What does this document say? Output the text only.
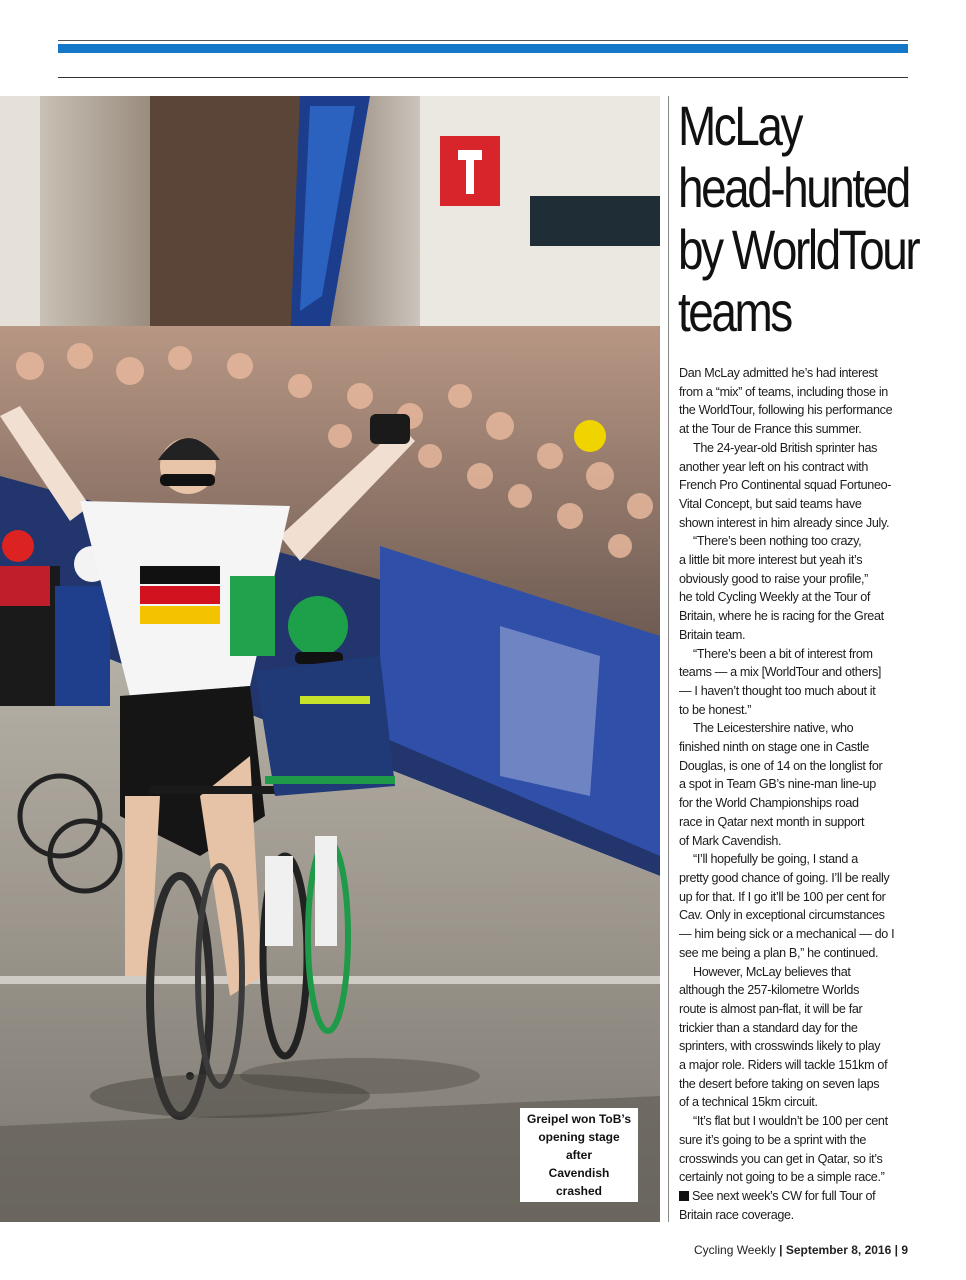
Greipel won ToB’s
opening stage after
Cavendish crashed
McLay
head-hunted
by WorldTour
teams
Dan McLay admitted he’s had interest
from a “mix” of teams, including those in
the WorldTour, following his performance
at the Tour de France this summer.
The 24-year-old British sprinter has
another year left on his contract with
French Pro Continental squad Fortuneo-
Vital Concept, but said teams have
shown interest in him already since July.
“There’s been nothing too crazy,
a little bit more interest but yeah it’s
obviously good to raise your profile,”
he told Cycling Weekly at the Tour of
Britain, where he is racing for the Great
Britain team.
“There’s been a bit of interest from
teams — a mix [WorldTour and others]
— I haven’t thought too much about it
to be honest.”
The Leicestershire native, who
finished ninth on stage one in Castle
Douglas, is one of 14 on the longlist for
a spot in Team GB’s nine-man line-up
for the World Championships road
race in Qatar next month in support
of Mark Cavendish.
“I’ll hopefully be going, I stand a
pretty good chance of going. I’ll be really
up for that. If I go it’ll be 100 per cent for
Cav. Only in exceptional circumstances
— him being sick or a mechanical — do I
see me being a plan B,” he continued.
However, McLay believes that
although the 257-kilometre Worlds
route is almost pan-flat, it will be far
trickier than a standard day for the
sprinters, with crosswinds likely to play
a major role. Riders will tackle 151km of
the desert before taking on seven laps
of a technical 15km circuit.
“It’s flat but I wouldn’t be 100 per cent
sure it’s going to be a sprint with the
crosswinds you can get in Qatar, so it’s
certainly not going to be a simple race.”
See next week’s CW for full Tour of
Britain race coverage.
Cycling Weekly | September 8, 2016 | 9
